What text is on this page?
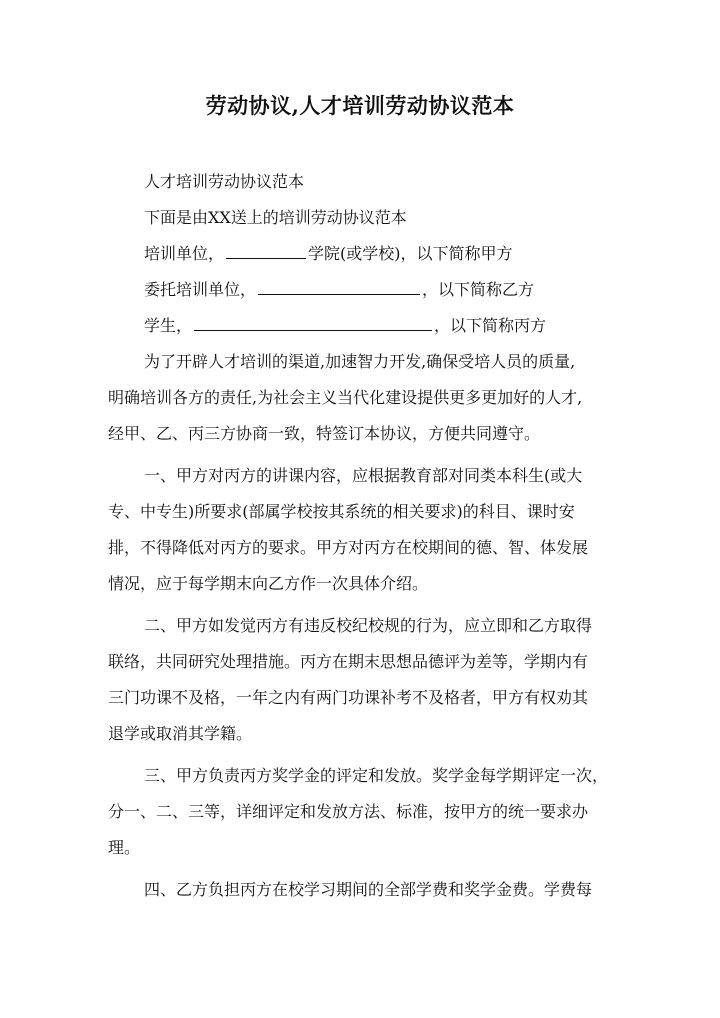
劳动协议,人才培训劳动协议范本
人才培训劳动协议范本
下面是由XX送上的培训劳动协议范本
培训单位，	学院(或学校)，以下简称甲方
委托培训单位，	，以下简称乙方
学生，	，以下简称丙方
为了开辟人才培训的渠道,加速智力开发,确保受培人员的质量,
明确培训各方的责任,为社会主义当代化建设提供更多更加好的人才,
经甲、乙、丙三方协商一致，特签订本协议，方便共同遵守。
一、甲方对丙方的讲课内容，应根据教育部对同类本科生(或大
专、中专生)所要求(部属学校按其系统的相关要求)的科目、课时安
排，不得降低对丙方的要求。甲方对丙方在校期间的德、智、体发展
情况，应于每学期末向乙方作一次具体介绍。
二、甲方如发觉丙方有违反校纪校规的行为，应立即和乙方取得
联络，共同研究处理措施。丙方在期末思想品德评为差等，学期内有
三门功课不及格，一年之内有两门功课补考不及格者，甲方有权劝其
退学或取消其学籍。
三、甲方负责丙方奖学金的评定和发放。奖学金每学期评定一次，
分一、二、三等，详细评定和发放方法、标准，按甲方的统一要求办
理。
四、乙方负担丙方在校学习期间的全部学费和奖学金费。学费每
